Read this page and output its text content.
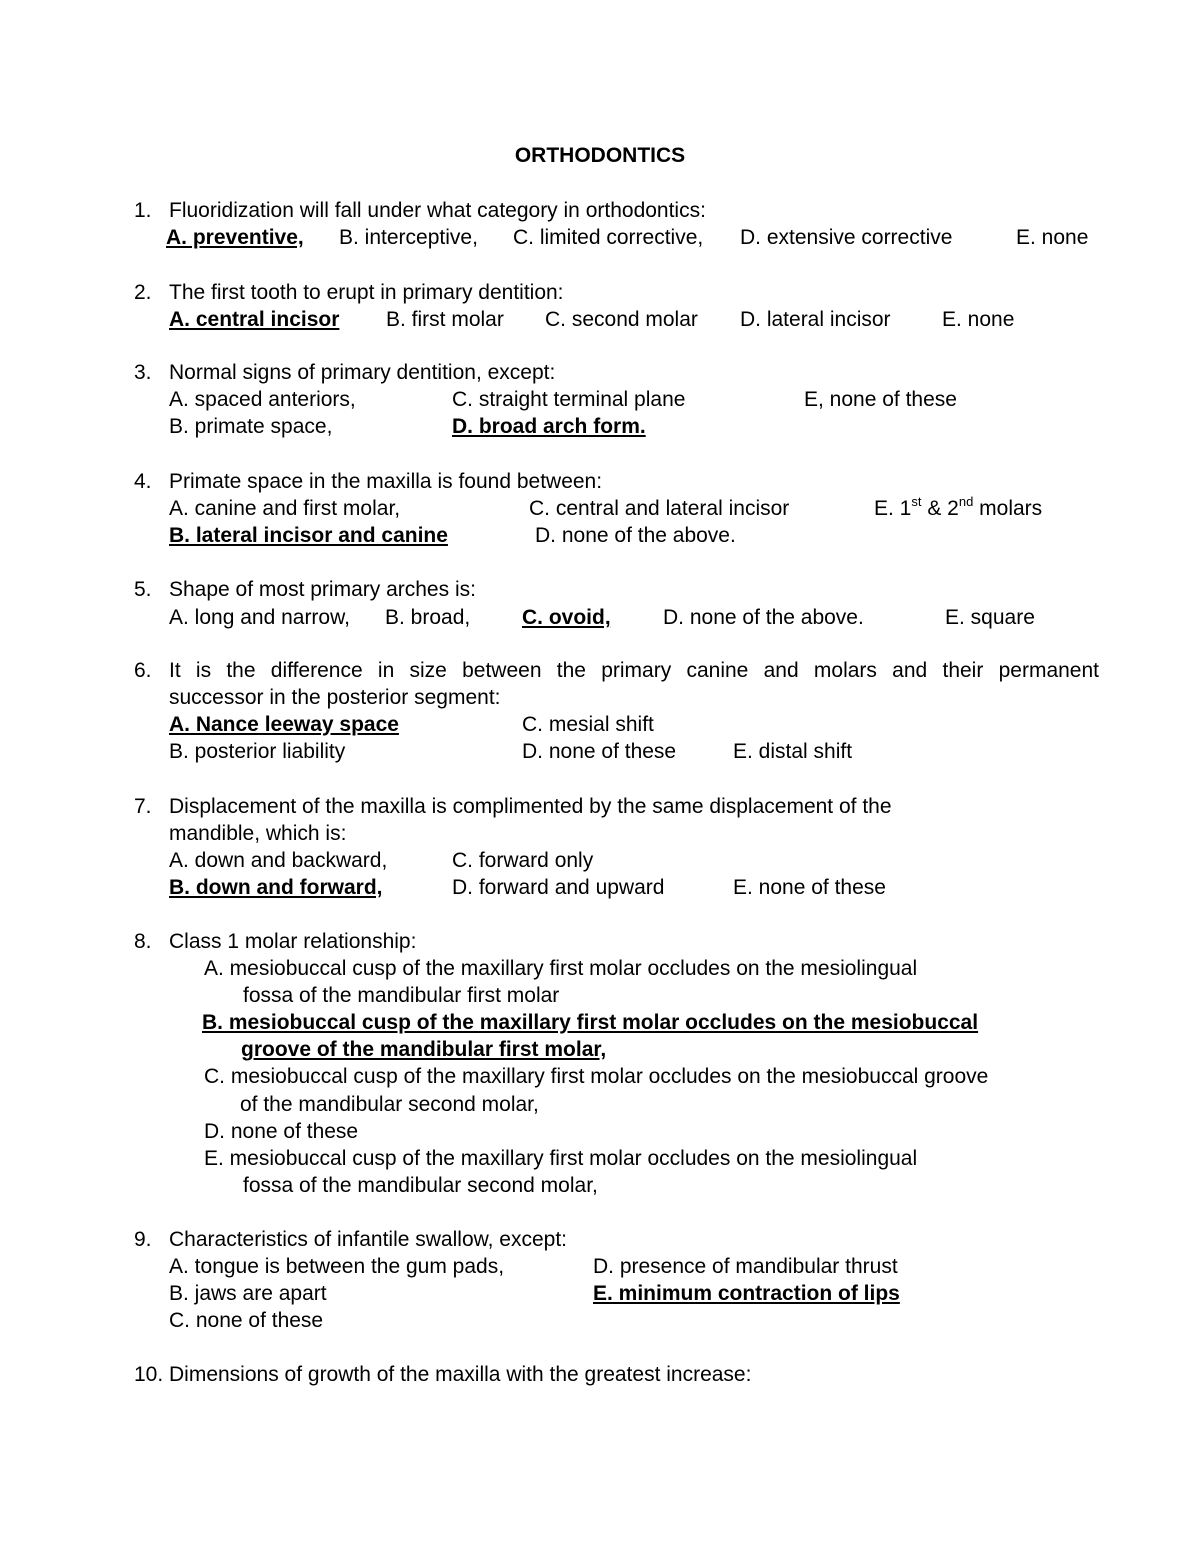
ORTHODONTICS
1. Fluoridization will fall under what category in orthodontics:
A. preventive, B. interceptive, C. limited corrective, D. extensive corrective	E. none
2. The first tooth to erupt in primary dentition:
A. central incisor B. first molar C. second molar D. lateral incisor E. none
3. Normal signs of primary dentition, except:
A. spaced anteriors,	C. straight terminal plane	E, none of these
B. primate space,	D. broad arch form.
4. Primate space in the maxilla is found between:
A. canine and first molar,	C. central and lateral incisor	E. 1st & 2nd molars
B. lateral incisor and canine	D. none of the above.
5. Shape of most primary arches is:
A. long and narrow, B. broad, C. ovoid, D. none of the above.	E. square
6. It is the difference in size between the primary canine and molars and their permanent
successor in the posterior segment:
A. Nance leeway space	C. mesial shift
B. posterior liability	D. none of these	E. distal shift
7. Displacement of the maxilla is complimented by the same displacement of the
mandible, which is:
A. down and backward,	C. forward only
B. down and forward,	D. forward and upward	E. none of these
8. Class 1 molar relationship:
A. mesiobuccal cusp of the maxillary first molar occludes on the mesiolingual
fossa of the mandibular first molar
B. mesiobuccal cusp of the maxillary first molar occludes on the mesiobuccal
groove of the mandibular first molar,
C. mesiobuccal cusp of the maxillary first molar occludes on the mesiobuccal groove
of the mandibular second molar,
D. none of these
E. mesiobuccal cusp of the maxillary first molar occludes on the mesiolingual
fossa of the mandibular second molar,
9. Characteristics of infantile swallow, except:
A. tongue is between the gum pads,	D. presence of mandibular thrust
B. jaws are apart	E. minimum contraction of lips
C. none of these
10. Dimensions of growth of the maxilla with the greatest increase:
